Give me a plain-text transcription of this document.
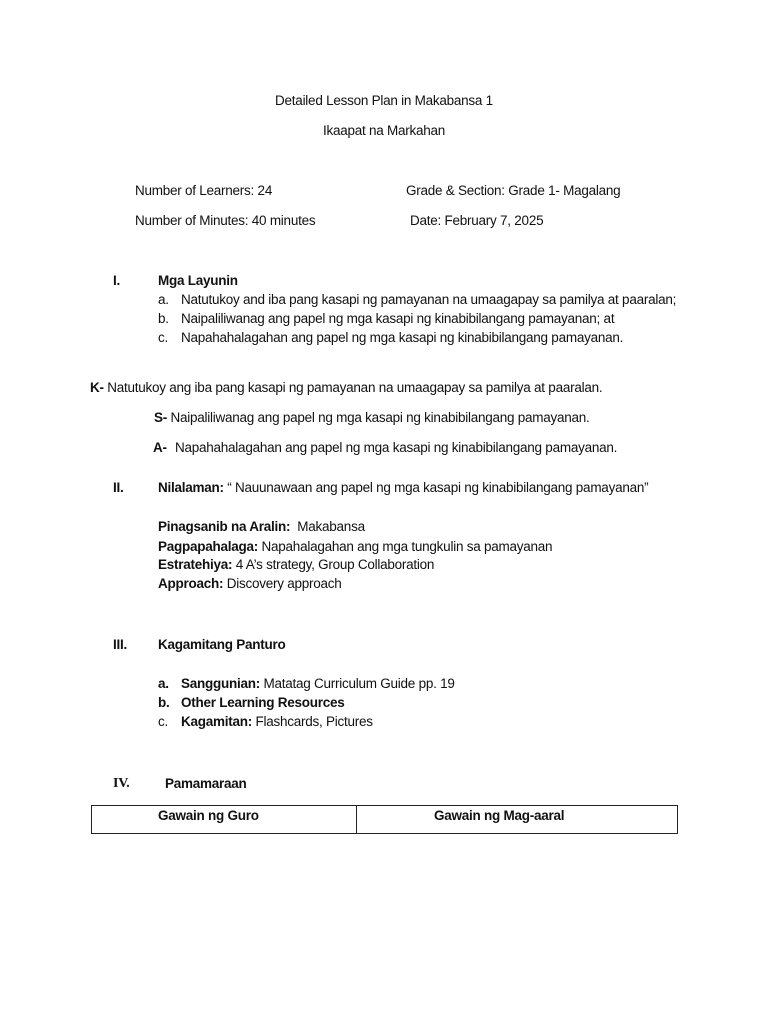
Detailed Lesson Plan in Makabansa 1
Ikaapat na Markahan
Number of Learners: 24	Grade & Section: Grade 1- Magalang
Number of Minutes: 40 minutes	Date: February 7, 2025
I.	Mga Layunin
a. Natutukoy and iba pang kasapi ng pamayanan na umaagapay sa pamilya at paaralan;
b. Naipaliliwanag ang papel ng mga kasapi ng kinabibilangang pamayanan; at
c. Napahahalagahan ang papel ng mga kasapi ng kinabibilangang pamayanan.
K- Natutukoy ang iba pang kasapi ng pamayanan na umaagapay sa pamilya at paaralan.
S- Naipaliliwanag ang papel ng mga kasapi ng kinabibilangang pamayanan.
A- Napahahalagahan ang papel ng mga kasapi ng kinabibilangang pamayanan.
II.	Nilalaman: “ Nauunawaan ang papel ng mga kasapi ng kinabibilangang pamayanan”
Pinagsanib na Aralin:  Makabansa
Pagpapahalaga: Napahalagahan ang mga tungkulin sa pamayanan
Estratehiya: 4 A’s strategy, Group Collaboration
Approach: Discovery approach
III. Kagamitang Panturo
a. Sanggunian: Matatag Curriculum Guide pp. 19
b. Other Learning Resources
c. Kagamitan: Flashcards, Pictures
IV.	Pamamaraan
Gawain ng Guro	Gawain ng Mag-aaral
